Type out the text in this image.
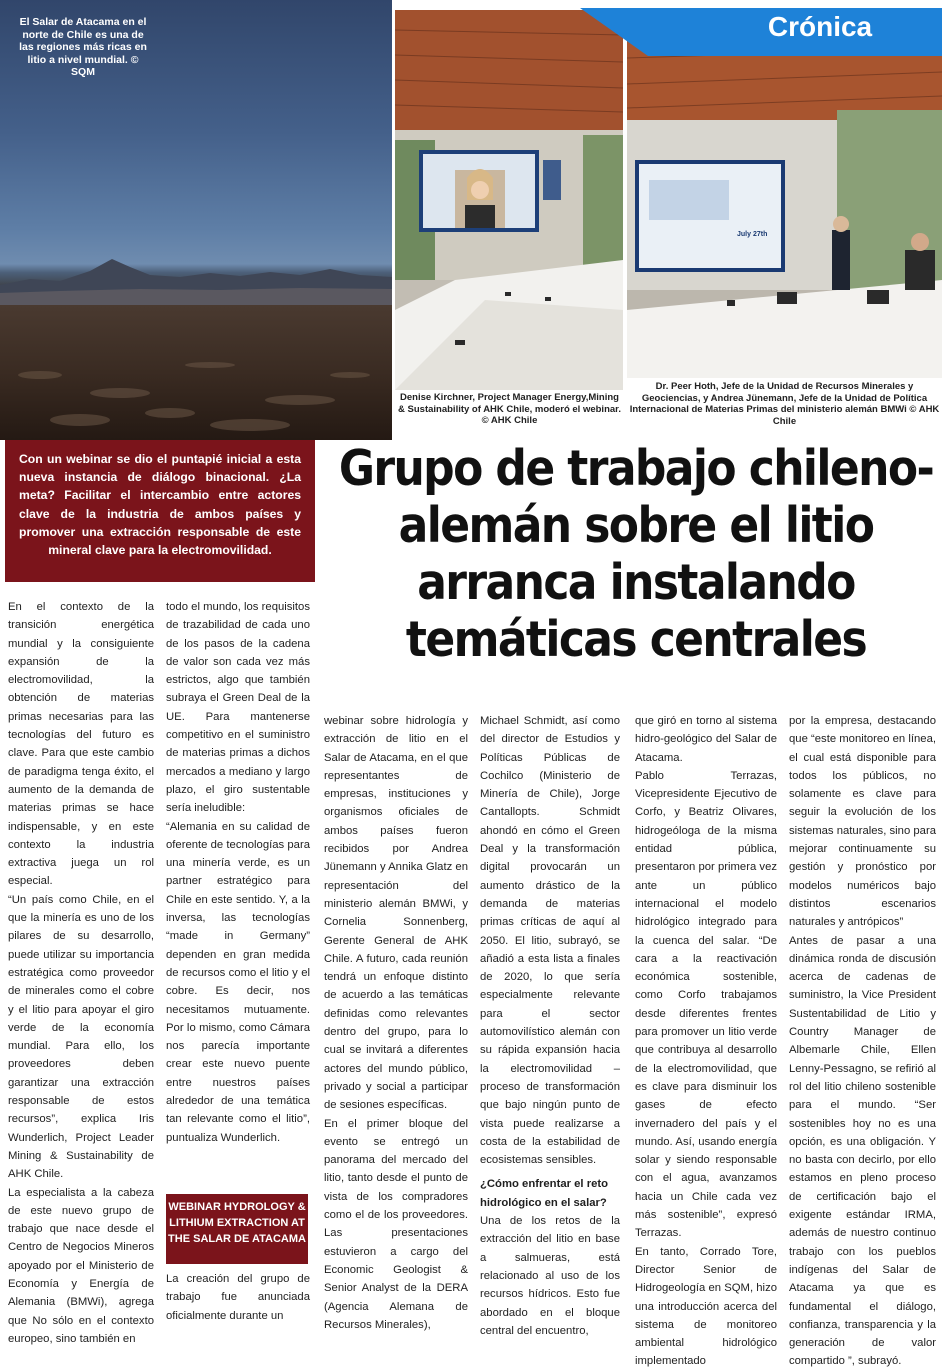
El Salar de Atacama en el norte de Chile es una de las regiones más ricas en litio a nivel mundial. © SQM
July 27th
Crónica
Denise Kirchner, Project Manager Energy,Mining & Sustainability of AHK Chile, moderó el webinar. © AHK Chile
Dr. Peer Hoth, Jefe de la Unidad de Recursos Minerales y Geociencias, y Andrea Jünemann, Jefe de la Unidad de Política Internacional de Materias Primas del ministerio alemán BMWi © AHK Chile
Con un webinar se dio el puntapié inicial a esta nueva instancia de diálogo binacional. ¿La meta? Facilitar el intercambio entre actores clave de la industria de ambos países y promover una extracción responsable de este mineral clave para la electromovilidad.
Grupo de trabajo chileno-alemán sobre el litio arranca instalando temáticas centrales

En el contexto de la transición energética mundial y la consiguiente expansión de la electromovilidad, la obtención de materias primas necesarias para las tecnologías del futuro es clave. Para que este cambio de paradigma tenga éxito, el aumento de la demanda de materias primas se hace indispensable, y en este contexto la industria extractiva juega un rol especial.

“Un país como Chile, en el que la minería es uno de los pilares de su desarrollo, puede utilizar su importancia estratégica como proveedor de minerales como el cobre y el litio para apoyar el giro verde de la economía mundial. Para ello, los proveedores deben garantizar una extracción responsable de estos recursos”, explica Iris Wunderlich, Project Leader Mining & Sustainability de AHK Chile.

La especialista a la cabeza de este nuevo grupo de trabajo que nace desde el Centro de Negocios Mineros apoyado por el Ministerio de Economía y Energía de Alemania (BMWi), agrega que No sólo en el contexto europeo, sino también en

todo el mundo, los requisitos de trazabilidad de cada uno de los pasos de la cadena de valor son cada vez más estrictos, algo que también subraya el Green Deal de la UE. Para mantenerse competitivo en el suministro de materias primas a dichos mercados a mediano y largo plazo, el giro sustentable sería ineludible:

“Alemania en su calidad de oferente de tecnologías para una minería verde, es un partner estratégico para Chile en este sentido. Y, a la inversa, las tecnologías “made in Germany” dependen en gran medida de recursos como el litio y el cobre. Es decir, nos necesitamos mutuamente. Por lo mismo, como Cámara nos parecía importante crear este nuevo puente entre nuestros países alrededor de una temática tan relevante como el litio”, puntualiza Wunderlich.

WEBINAR HYDROLOGY & LITHIUM EXTRACTION AT THE SALAR DE ATACAMA

La creación del grupo de trabajo fue anunciada oficialmente durante un

webinar sobre hidrología y extracción de litio en el Salar de Atacama, en el que representantes de empresas, instituciones y organismos oficiales de ambos países fueron recibidos por Andrea Jünemann y Annika Glatz en representación del ministerio alemán BMWi, y Cornelia Sonnenberg, Gerente General de AHK Chile. A futuro, cada reunión tendrá un enfoque distinto de acuerdo a las temáticas definidas como relevantes dentro del grupo, para lo cual se invitará a diferentes actores del mundo público, privado y social a participar de sesiones específicas.

En el primer bloque del evento se entregó un panorama del mercado del litio, tanto desde el punto de vista de los compradores como el de los proveedores. Las presentaciones estuvieron a cargo del Economic Geologist & Senior Analyst de la DERA (Agencia Alemana de Recursos Minerales),

Michael Schmidt, así como del director de Estudios y Políticas Públicas de Cochilco (Ministerio de Minería de Chile), Jorge Cantallopts. Schmidt ahondó en cómo el Green Deal y la transformación digital provocarán un aumento drástico de la demanda de materias primas críticas de aquí al 2050. El litio, subrayó, se añadió a esta lista a finales de 2020, lo que sería especialmente relevante para el sector automovilístico alemán con su rápida expansión hacia la electromovilidad – proceso de transformación que bajo ningún punto de vista puede realizarse a costa de la estabilidad de ecosistemas sensibles.

¿Cómo enfrentar el reto hidrológico en el salar?

Una de los retos de la extracción del litio en base a salmueras, está relacionado al uso de los recursos hídricos. Esto fue abordado en el bloque central del encuentro,

que giró en torno al sistema hidro-geológico del Salar de Atacama.

Pablo Terrazas, Vicepresidente Ejecutivo de Corfo, y Beatriz Olivares, hidrogeóloga de la misma entidad pública, presentaron por primera vez ante un público internacional el modelo hidrológico integrado para la cuenca del salar. “De cara a la reactivación económica sostenible, como Corfo trabajamos desde diferentes frentes para promover un litio verde que contribuya al desarrollo de la electromovilidad, que es clave para disminuir los gases de efecto invernadero del país y el mundo. Así, usando energía solar y siendo responsable con el agua, avanzamos hacia un Chile cada vez más sostenible”, expresó Terrazas.

En tanto, Corrado Tore, Director Senior de Hidrogeología en SQM, hizo una introducción acerca del sistema de monitoreo ambiental hidrológico implementado

por la empresa, destacando que “este monitoreo en línea, el cual está disponible para todos los públicos, no solamente es clave para seguir la evolución de los sistemas naturales, sino para mejorar continuamente su gestión y pronóstico por modelos numéricos bajo distintos escenarios naturales y antrópicos”

Antes de pasar a una dinámica ronda de discusión acerca de cadenas de suministro, la Vice President Sustentabilidad de Litio y Country Manager de Albemarle Chile, Ellen Lenny-Pessagno, se refirió al rol del litio chileno sostenible para el mundo. “Ser sostenibles hoy no es una opción, es una obligación. Y no basta con decirlo, por ello estamos en pleno proceso de certificación bajo el exigente estándar IRMA, además de nuestro continuo trabajo con los pueblos indígenas del Salar de Atacama ya que es fundamental el diálogo, confianza, transparencia y la generación de valor compartido ”, subrayó.
